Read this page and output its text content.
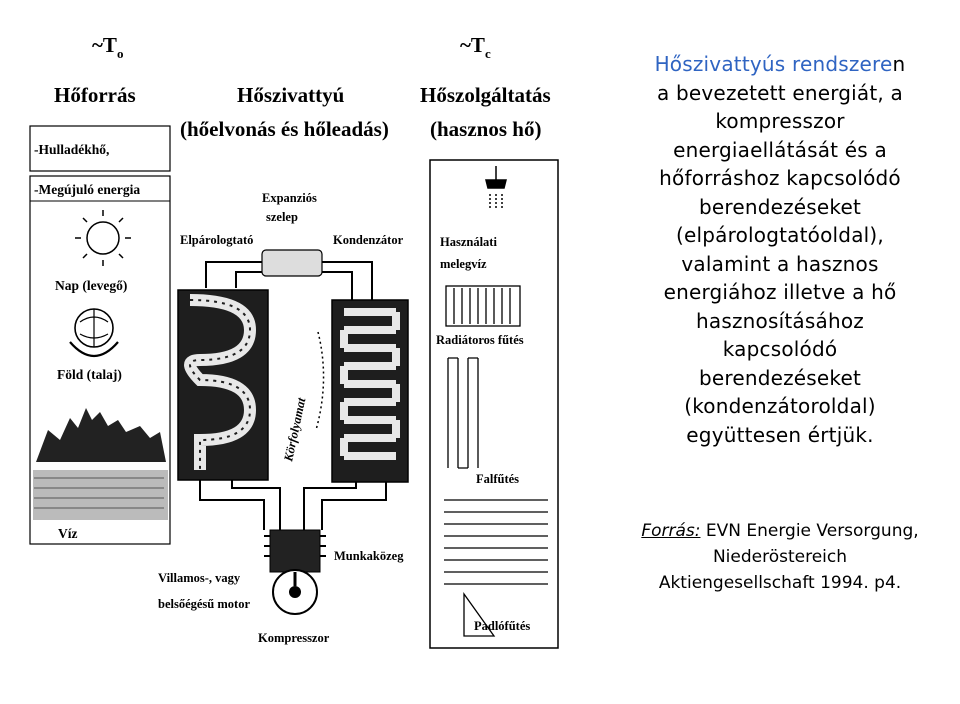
$\sim T_o$	$\sim T_c$
Hőforrás	Hőszivattyú
(hőelvonás és hőleadás)
Hőszolgáltatás
(hasznos hő)
-Hulladékhő,
-Megújuló energia
Nap (levegő)
Föld (talaj)
Víz
Expanziós
szelep
Elpárologtató	Kondenzátor
Körfolyamat
Használati
melegvíz
Radiátoros fűtés
Falfűtés
Padlófűtés
Munkaközeg
Villamos-, vagy
belsőégésű motor
Kompresszor
Hőszivattyús rendszeren
a bevezetett energiát, a
kompresszor
energiaellátását és a
hőforráshoz kapcsolódó
berendezéseket
(elpárologtatóoldal),
valamint a hasznos
energiához illetve a hő
hasznosításához
kapcsolódó
berendezéseket
(kondenzátoroldal)
együttesen értjük.
Forrás: EVN Energie Versorgung,
Niederöstereich
Aktiengesellschaft 1994. p4.
